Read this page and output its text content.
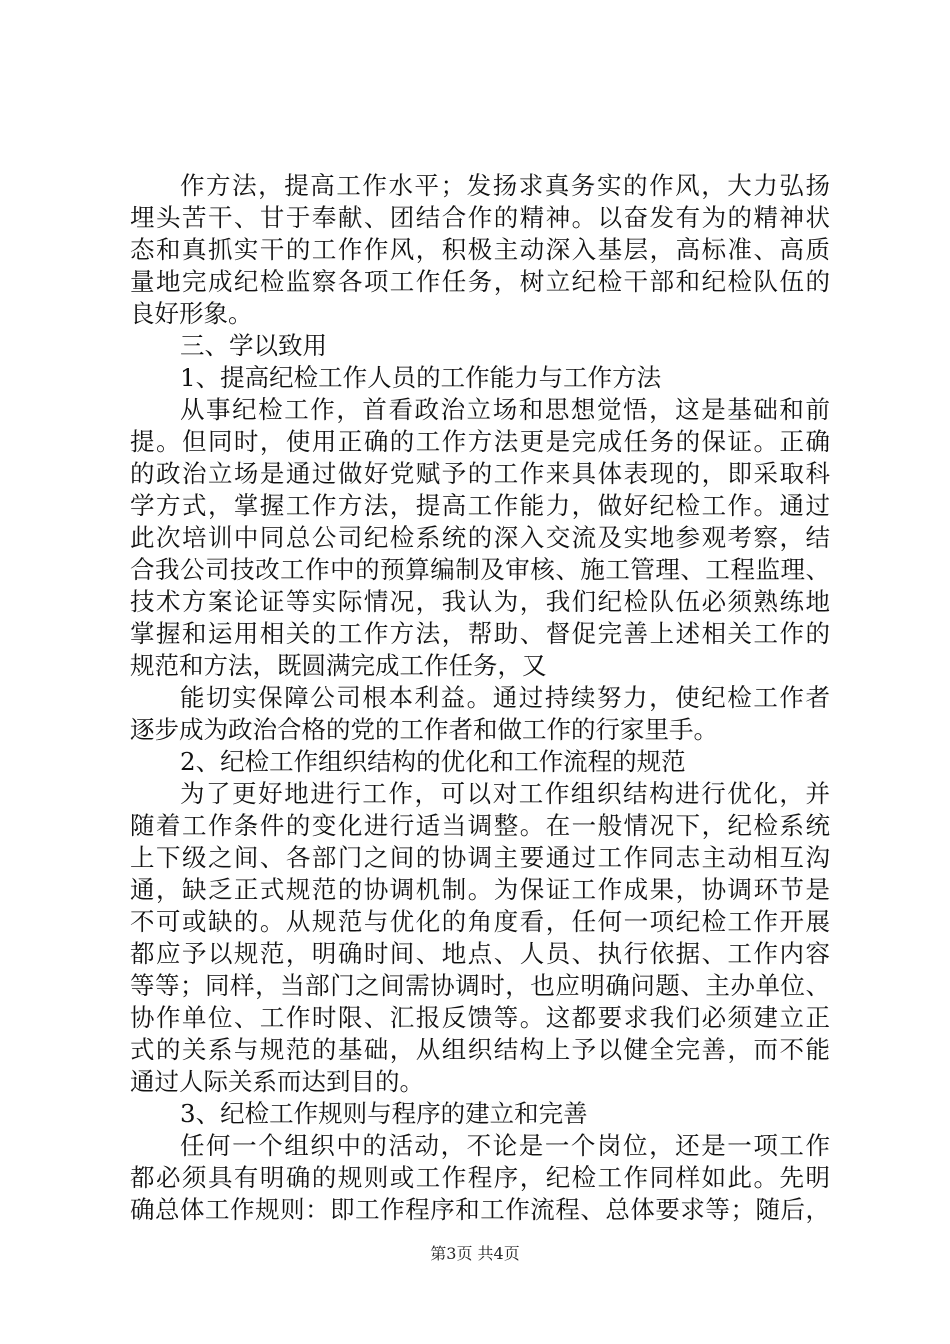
作方法，提高工作水平；发扬求真务实的作风，大力弘扬
埋头苦干、甘于奉献、团结合作的精神。以奋发有为的精神状
态和真抓实干的工作作风，积极主动深入基层，高标准、高质
量地完成纪检监察各项工作任务，树立纪检干部和纪检队伍的
良好形象。
三、学以致用
1、提高纪检工作人员的工作能力与工作方法
从事纪检工作，首看政治立场和思想觉悟，这是基础和前
提。但同时，使用正确的工作方法更是完成任务的保证。正确
的政治立场是通过做好党赋予的工作来具体表现的，即采取科
学方式，掌握工作方法，提高工作能力，做好纪检工作。通过
此次培训中同总公司纪检系统的深入交流及实地参观考察，结
合我公司技改工作中的预算编制及审核、施工管理、工程监理、
技术方案论证等实际情况，我认为，我们纪检队伍必须熟练地
掌握和运用相关的工作方法，帮助、督促完善上述相关工作的
规范和方法，既圆满完成工作任务，又
能切实保障公司根本利益。通过持续努力，使纪检工作者
逐步成为政治合格的党的工作者和做工作的行家里手。
2、纪检工作组织结构的优化和工作流程的规范
为了更好地进行工作，可以对工作组织结构进行优化，并
随着工作条件的变化进行适当调整。在一般情况下，纪检系统
上下级之间、各部门之间的协调主要通过工作同志主动相互沟
通，缺乏正式规范的协调机制。为保证工作成果，协调环节是
不可或缺的。从规范与优化的角度看，任何一项纪检工作开展
都应予以规范，明确时间、地点、人员、执行依据、工作内容
等等；同样，当部门之间需协调时，也应明确问题、主办单位、
协作单位、工作时限、汇报反馈等。这都要求我们必须建立正
式的关系与规范的基础，从组织结构上予以健全完善，而不能
通过人际关系而达到目的。
3、纪检工作规则与程序的建立和完善
任何一个组织中的活动，不论是一个岗位，还是一项工作
都必须具有明确的规则或工作程序，纪检工作同样如此。先明
确总体工作规则：即工作程序和工作流程、总体要求等；随后，
第3页 共4页
